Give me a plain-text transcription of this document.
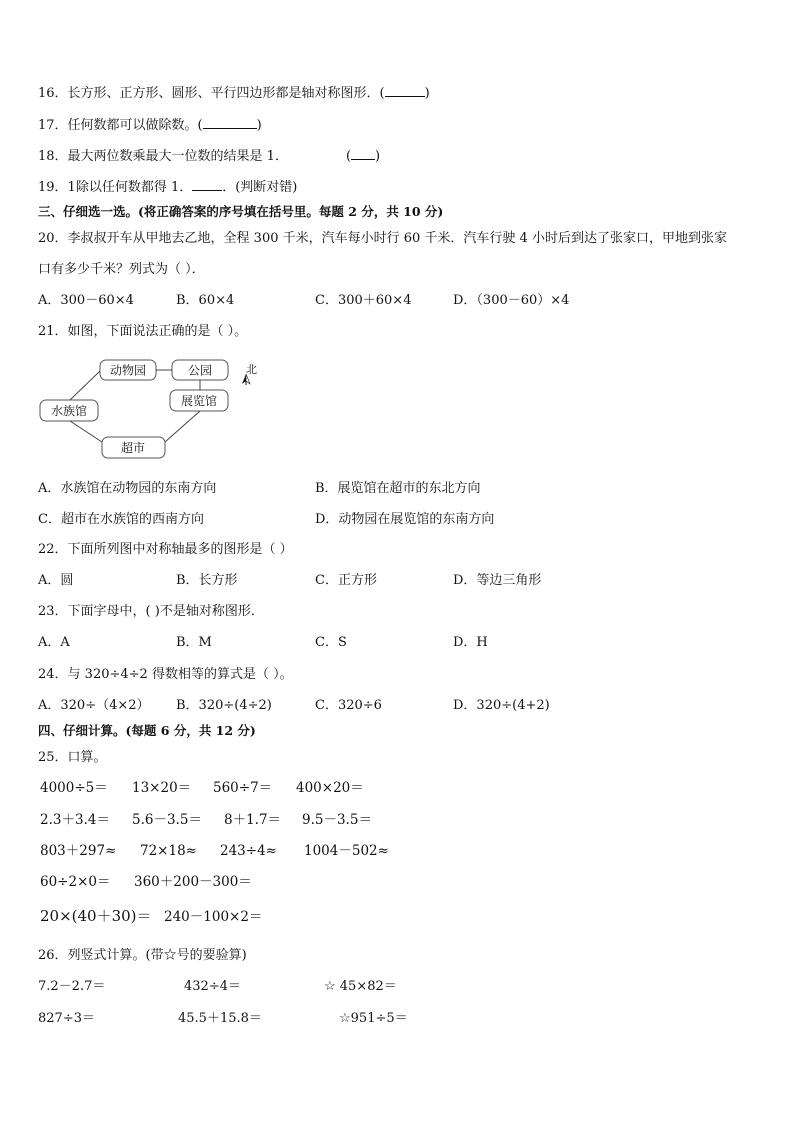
16．长方形、正方形、圆形、平行四边形都是轴对称图形．(	)
17．任何数都可以做除数。(	)
18．最大两位数乘最大一位数的结果是 1．	( )
19．1除以任何数都得 1． ．(判断对错)
三、仔细选一选。(将正确答案的序号填在括号里。每题 2 分，共 10 分)
20．李叔叔开车从甲地去乙地，全程 300 千米，汽车每小时行 60 千米．汽车行驶 4 小时后到达了张家口，甲地到张家
口有多少千米？列式为（ ）．
A．300－60×4	B．60×4	C．300＋60×4	D．（300－60）×4
21．如图，下面说法正确的是（ ）。
动物园	公园
水族馆
展览馆
超市
北
A．水族馆在动物园的东南方向	B．展览馆在超市的东北方向
C．超市在水族馆的西南方向	D．动物园在展览馆的东南方向
22．下面所列图中对称轴最多的图形是（ ）
A．圆	B．长方形	C．正方形	D．等边三角形
23．下面字母中，( )不是轴对称图形．
A．A	B．M	C．S	D．H
24．与 320÷4÷2 得数相等的算式是（ ）。
A．320÷（4×2） B．320÷(4÷2)	C．320÷6	D．320÷(4+2)
四、仔细计算。(每题 6 分，共 12 分)
25．口算。
4000÷5＝ 13×20＝ 560÷7＝ 400×20＝
2.3＋3.4＝ 5.6－3.5＝ 8＋1.7＝ 9.5－3.5＝
803＋297≈ 72×18≈ 243÷4≈ 1004－502≈
60÷2×0＝ 360＋200－300＝
20×(40＋30)＝ 240－100×2＝
26．列竖式计算。(带☆号的要验算)
7.2－2.7＝	432÷4＝	☆ 45×82＝
827÷3＝	45.5＋15.8＝	☆951÷5＝
